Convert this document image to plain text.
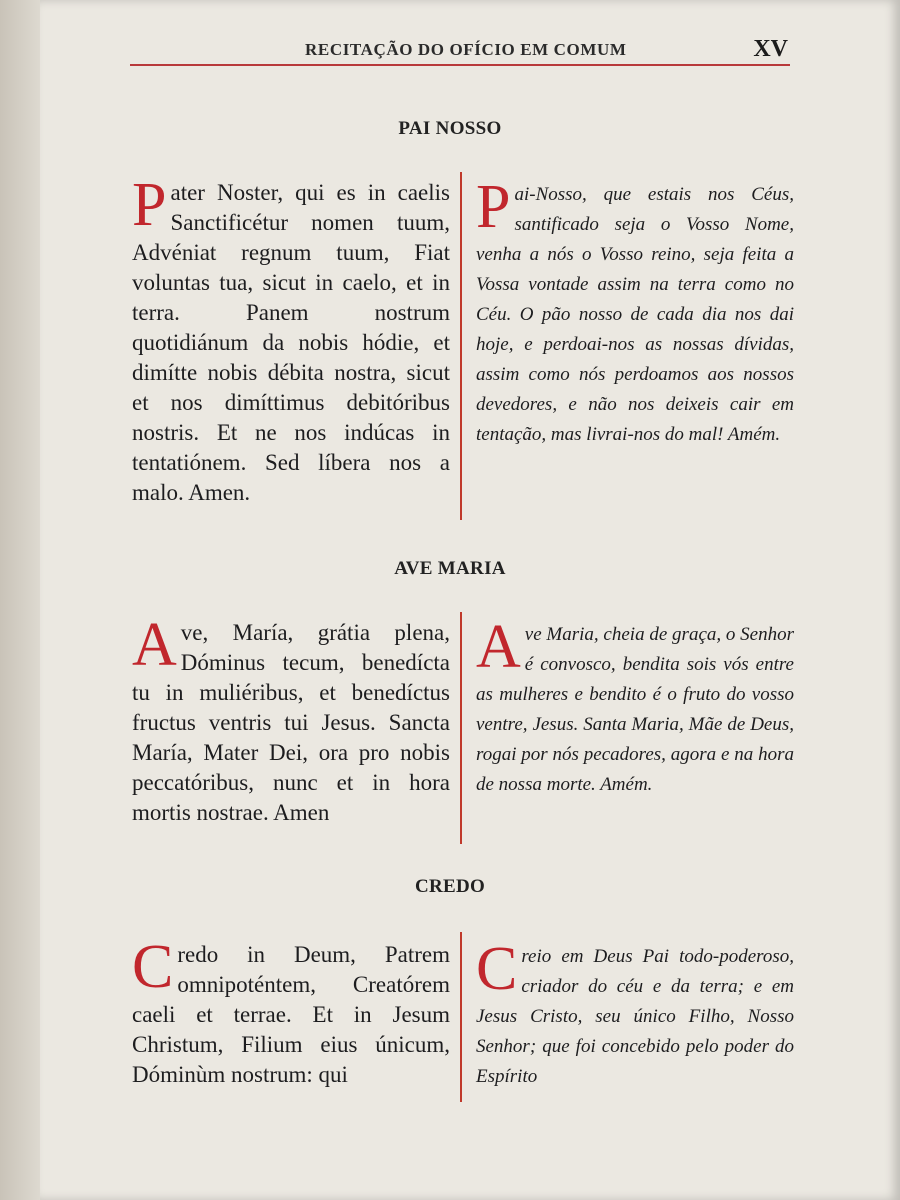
RECITAÇÃO DO OFÍCIO EM COMUM	XV
PAI NOSSO
Pater Noster, qui es in caelis Sanctificétur nomen tuum, Advéniat regnum tuum, Fiat voluntas tua, sicut in caelo, et in terra. Panem nostrum quotidiánum da nobis hódie, et dimítte nobis débita nostra, sicut et nos dimíttimus debitóribus nostris. Et ne nos indúcas in tentatiónem. Sed líbera nos a malo. Amen.
Pai-Nosso, que estais nos Céus, santificado seja o Vosso Nome, venha a nós o Vosso reino, seja feita a Vossa vontade assim na terra como no Céu. O pão nosso de cada dia nos dai hoje, e perdoai-nos as nossas dívidas, assim como nós perdoamos aos nossos devedores, e não nos deixeis cair em tentação, mas livrai-nos do mal! Amém.
AVE MARIA
Ave, María, grátia plena, Dóminus tecum, benedícta tu in muliéribus, et benedíctus fructus ventris tui Jesus. Sancta María, Mater Dei, ora pro nobis peccatóribus, nunc et in hora mortis nostrae. Amen
Ave Maria, cheia de graça, o Senhor é convosco, bendita sois vós entre as mulheres e bendito é o fruto do vosso ventre, Jesus. Santa Maria, Mãe de Deus, rogai por nós pecadores, agora e na hora de nossa morte. Amém.
CREDO
Credo in Deum, Patrem omnipoténtem, Creatórem caeli et terrae. Et in Jesum Christum, Filium eius únicum, Dóminùm nostrum: qui
Creio em Deus Pai todo-poderoso, criador do céu e da terra; e em Jesus Cristo, seu único Filho, Nosso Senhor; que foi concebido pelo poder do Espírito
